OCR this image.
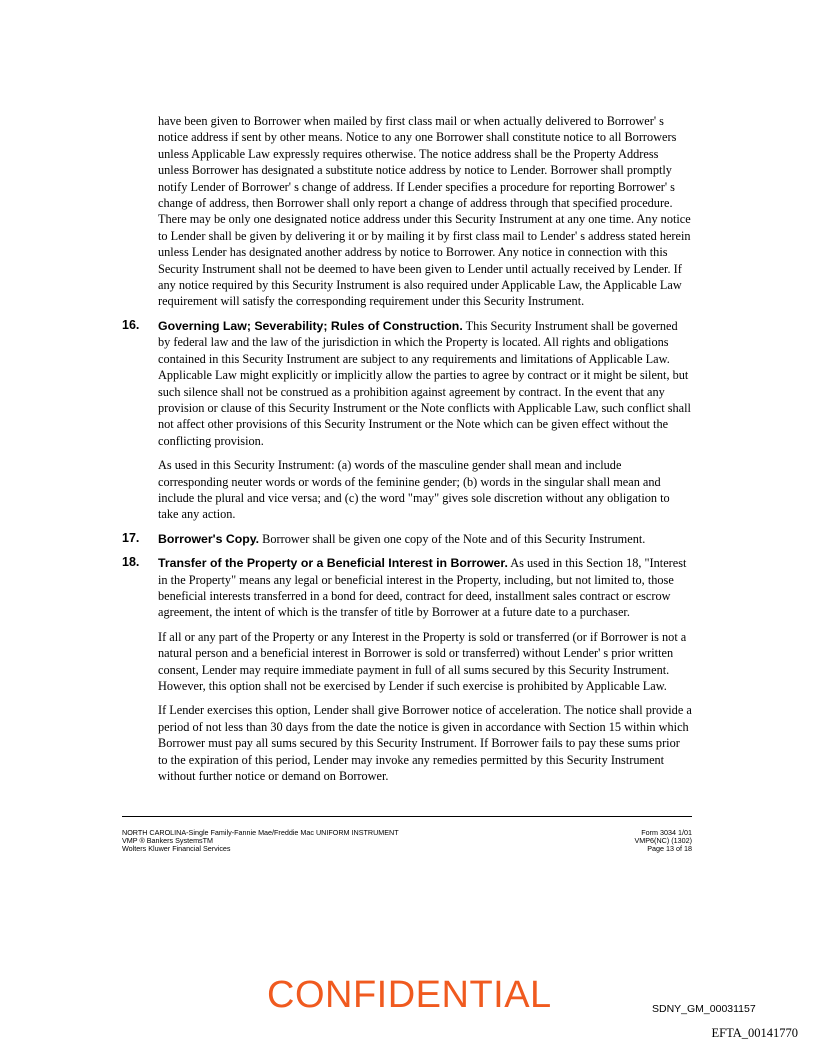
have been given to Borrower when mailed by first class mail or when actually delivered to Borrower' s notice address if sent by other means. Notice to any one Borrower shall constitute notice to all Borrowers unless Applicable Law expressly requires otherwise. The notice address shall be the Property Address unless Borrower has designated a substitute notice address by notice to Lender. Borrower shall promptly notify Lender of Borrower' s change of address. If Lender specifies a procedure for reporting Borrower' s change of address, then Borrower shall only report a change of address through that specified procedure. There may be only one designated notice address under this Security Instrument at any one time. Any notice to Lender shall be given by delivering it or by mailing it by first class mail to Lender' s address stated herein unless Lender has designated another address by notice to Borrower. Any notice in connection with this Security Instrument shall not be deemed to have been given to Lender until actually received by Lender. If any notice required by this Security Instrument is also required under Applicable Law, the Applicable Law requirement will satisfy the corresponding requirement under this Security Instrument.

16. Governing Law; Severability; Rules of Construction. This Security Instrument shall be governed by federal law and the law of the jurisdiction in which the Property is located. All rights and obligations contained in this Security Instrument are subject to any requirements and limitations of Applicable Law. Applicable Law might explicitly or implicitly allow the parties to agree by contract or it might be silent, but such silence shall not be construed as a prohibition against agreement by contract. In the event that any provision or clause of this Security Instrument or the Note conflicts with Applicable Law, such conflict shall not affect other provisions of this Security Instrument or the Note which can be given effect without the conflicting provision.

As used in this Security Instrument: (a) words of the masculine gender shall mean and include corresponding neuter words or words of the feminine gender; (b) words in the singular shall mean and include the plural and vice versa; and (c) the word "may" gives sole discretion without any obligation to take any action.

17. Borrower's Copy. Borrower shall be given one copy of the Note and of this Security Instrument.

18. Transfer of the Property or a Beneficial Interest in Borrower. As used in this Section 18, "Interest in the Property" means any legal or beneficial interest in the Property, including, but not limited to, those beneficial interests transferred in a bond for deed, contract for deed, installment sales contract or escrow agreement, the intent of which is the transfer of title by Borrower at a future date to a purchaser.

If all or any part of the Property or any Interest in the Property is sold or transferred (or if Borrower is not a natural person and a beneficial interest in Borrower is sold or transferred) without Lender' s prior written consent, Lender may require immediate payment in full of all sums secured by this Security Instrument. However, this option shall not be exercised by Lender if such exercise is prohibited by Applicable Law.

If Lender exercises this option, Lender shall give Borrower notice of acceleration. The notice shall provide a period of not less than 30 days from the date the notice is given in accordance with Section 15 within which Borrower must pay all sums secured by this Security Instrument. If Borrower fails to pay these sums prior to the expiration of this period, Lender may invoke any remedies permitted by this Security Instrument without further notice or demand on Borrower.

NORTH CAROLINA-Single Family-Fannie Mae/Freddie Mac UNIFORM INSTRUMENT
VMP ® Bankers SystemsTM
Wolters Kluwer Financial Services
Form 3034 1/01
VMP6(NC) (1302)
Page 13 of 18
CONFIDENTIAL	SDNY_GM_00031157
EFTA_00141770
